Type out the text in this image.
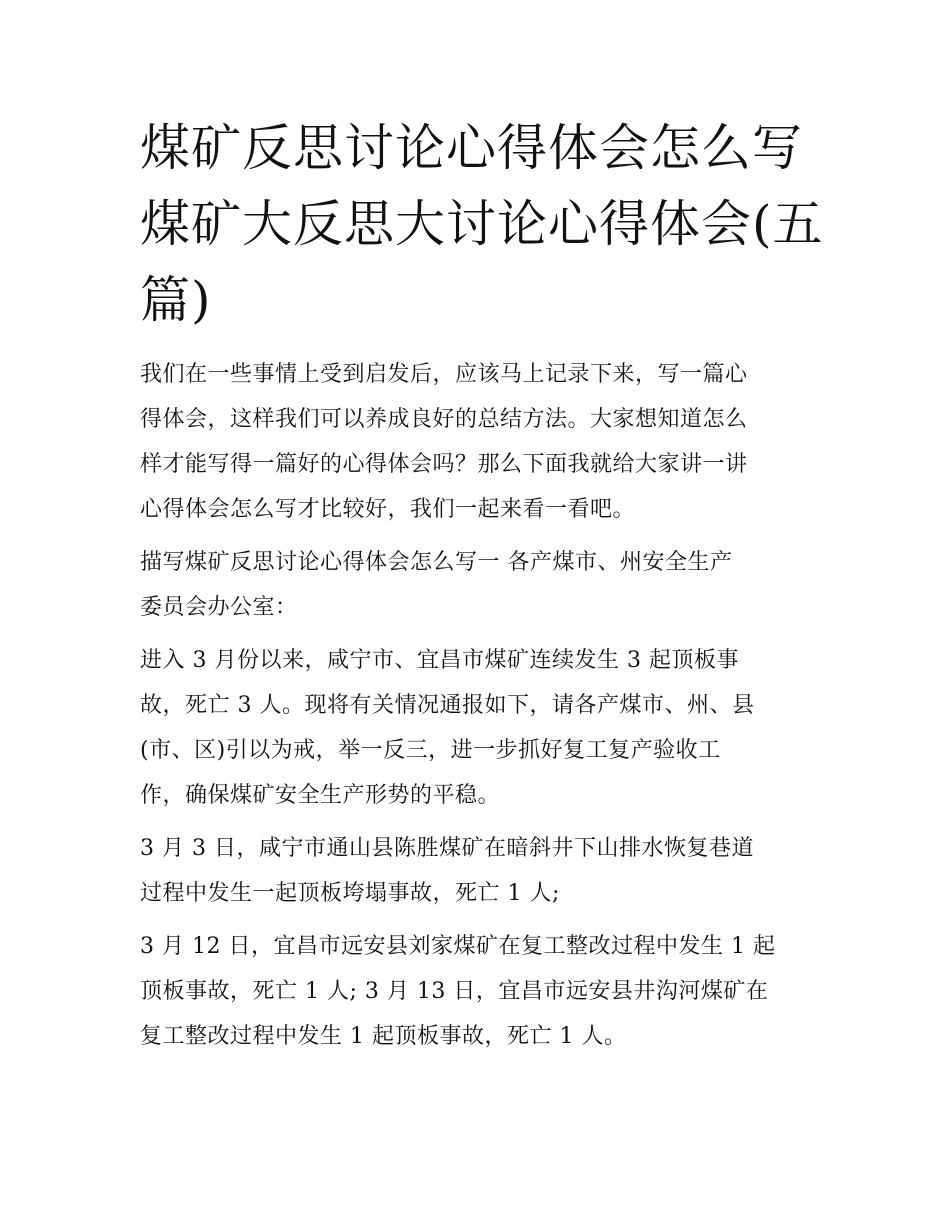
煤矿反思讨论心得体会怎么写
煤矿大反思大讨论心得体会(五
篇)

我们在一些事情上受到启发后，应该马上记录下来，写一篇心
得体会，这样我们可以养成良好的总结方法。大家想知道怎么
样才能写得一篇好的心得体会吗？那么下面我就给大家讲一讲
心得体会怎么写才比较好，我们一起来看一看吧。

描写煤矿反思讨论心得体会怎么写一 各产煤市、州安全生产
委员会办公室：

进入 3 月份以来，咸宁市、宜昌市煤矿连续发生 3 起顶板事
故，死亡 3 人。现将有关情况通报如下，请各产煤市、州、县
(市、区)引以为戒，举一反三，进一步抓好复工复产验收工
作，确保煤矿安全生产形势的平稳。

3 月 3 日，咸宁市通山县陈胜煤矿在暗斜井下山排水恢复巷道
过程中发生一起顶板垮塌事故，死亡 1 人;

3 月 12 日，宜昌市远安县刘家煤矿在复工整改过程中发生 1 起
顶板事故，死亡 1 人; 3 月 13 日，宜昌市远安县井沟河煤矿在
复工整改过程中发生 1 起顶板事故，死亡 1 人。
